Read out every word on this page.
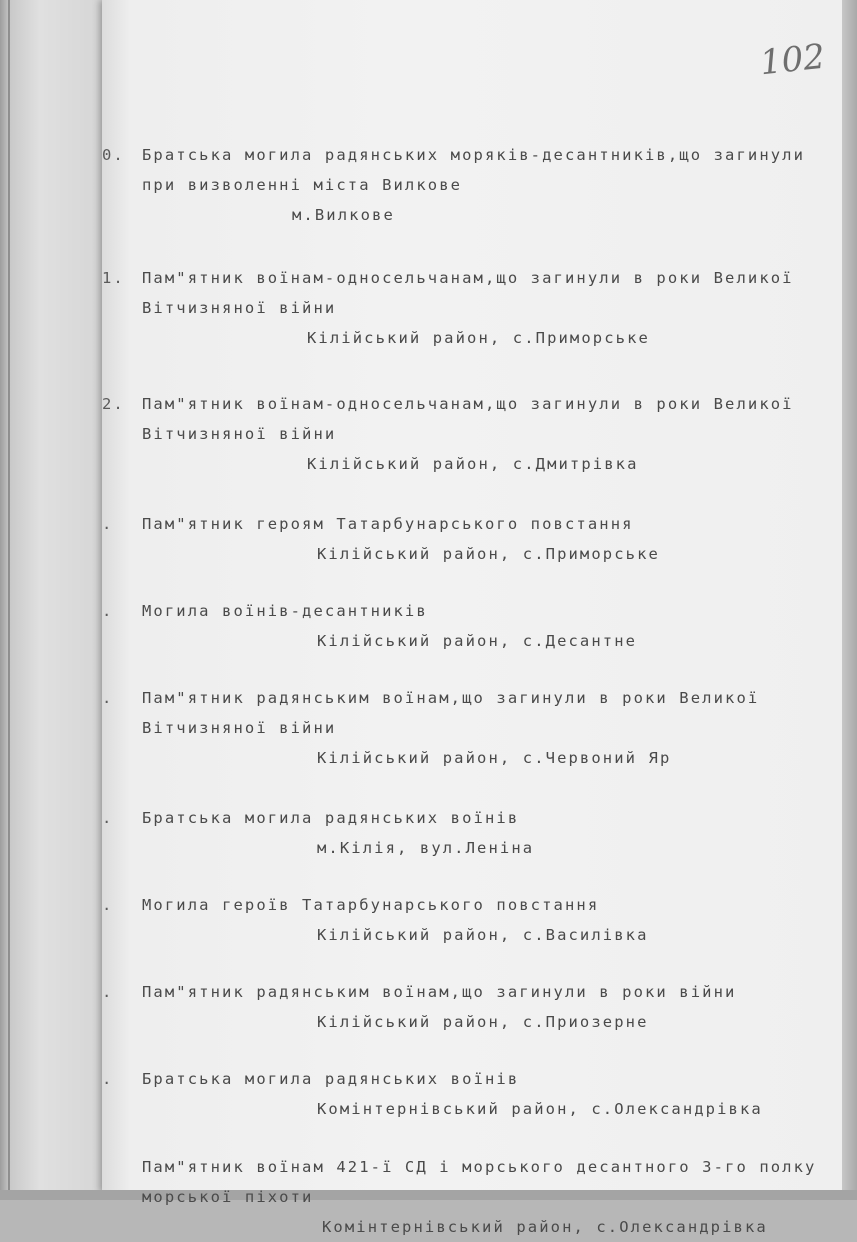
102
0. Братська могила радянських моряків-десантників,що загинули
при визволенні міста Вилкове
м.Вилкове
1. Пам"ятник воїнам-односельчанам,що загинули в роки Великої
Вітчизняної війни
Кілійський район, с.Приморське
2. Пам"ятник воїнам-односельчанам,що загинули в роки Великої
Вітчизняної війни
Кілійський район, с.Дмитрівка
. Пам"ятник героям Татарбунарського повстання
Кілійський район, с.Приморське
. Могила воїнів-десантників
Кілійський район, с.Десантне
. Пам"ятник радянським воїнам,що загинули в роки Великої
Вітчизняної війни
Кілійський район, с.Червоний Яр
. Братська могила радянських воїнів
м.Кілія, вул.Леніна
. Могила героїв Татарбунарського повстання
Кілійський район, с.Василівка
. Пам"ятник радянським воїнам,що загинули в роки війни
Кілійський район, с.Приозерне
. Братська могила радянських воїнів
Комінтернівський район, с.Олександрівка
Пам"ятник воїнам 421-ї СД і морського десантного 3-го полку
морської піхоти
Комінтернівський район, с.Олександрівка
